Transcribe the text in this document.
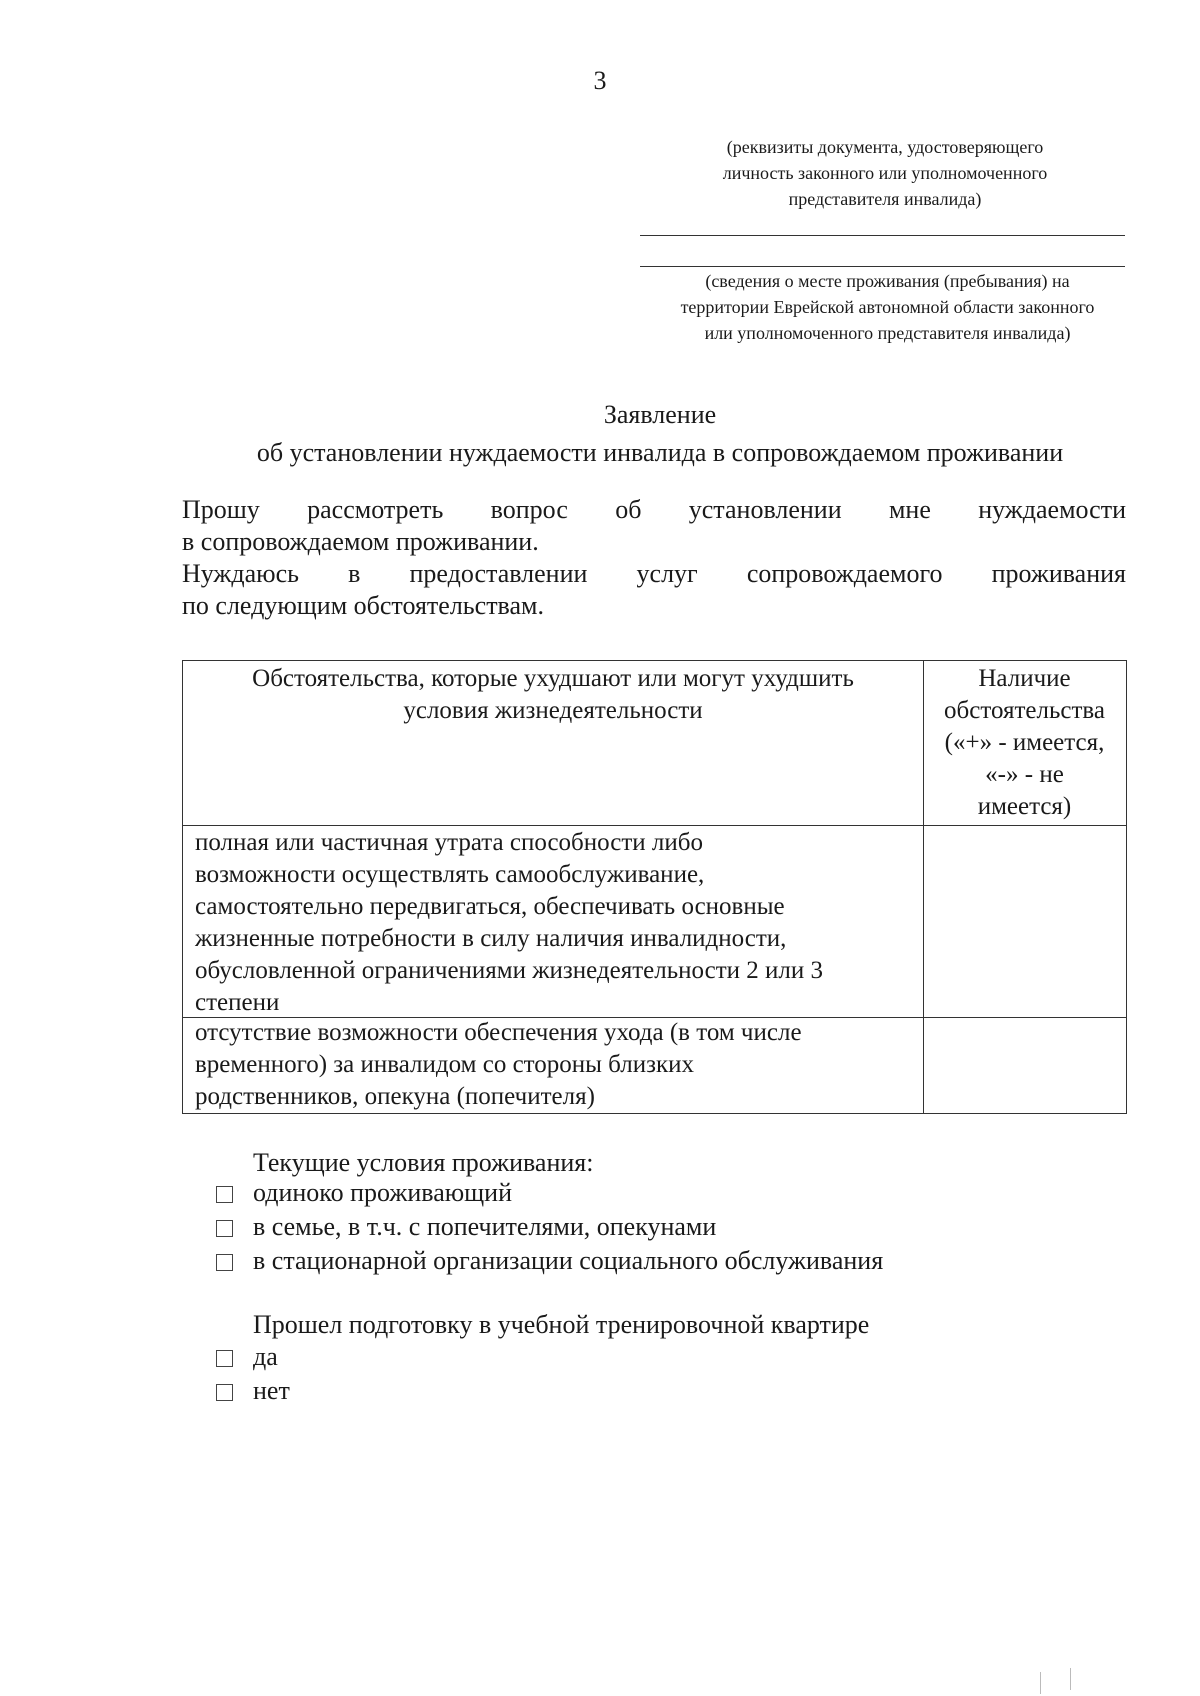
3
(реквизиты документа, удостоверяющего
личность законного или уполномоченного
представителя инвалида)
(сведения о месте проживания (пребывания) на
территории Еврейской автономной области законного
или уполномоченного представителя инвалида)
Заявление
об установлении нуждаемости инвалида в сопровождаемом проживании
Прошу рассмотреть вопрос об установлении мне нуждаемости
в сопровождаемом проживании.
Нуждаюсь в предоставлении услуг сопровождаемого проживания
по следующим обстоятельствам.
Обстоятельства, которые ухудшают или могут ухудшить
условия жизнедеятельности
Наличие
обстоятельства
(«+» - имеется,
«-» - не
имеется)
полная или частичная утрата способности либо
возможности осуществлять самообслуживание,
самостоятельно передвигаться, обеспечивать основные
жизненные потребности в силу наличия инвалидности,
обусловленной ограничениями жизнедеятельности 2 или 3
степени
отсутствие возможности обеспечения ухода (в том числе
временного) за инвалидом со стороны близких
родственников, опекуна (попечителя)
Текущие условия проживания:
одиноко проживающий
в семье, в т.ч. с попечителями, опекунами
в стационарной организации социального обслуживания
Прошел подготовку в учебной тренировочной квартире
да
нет
